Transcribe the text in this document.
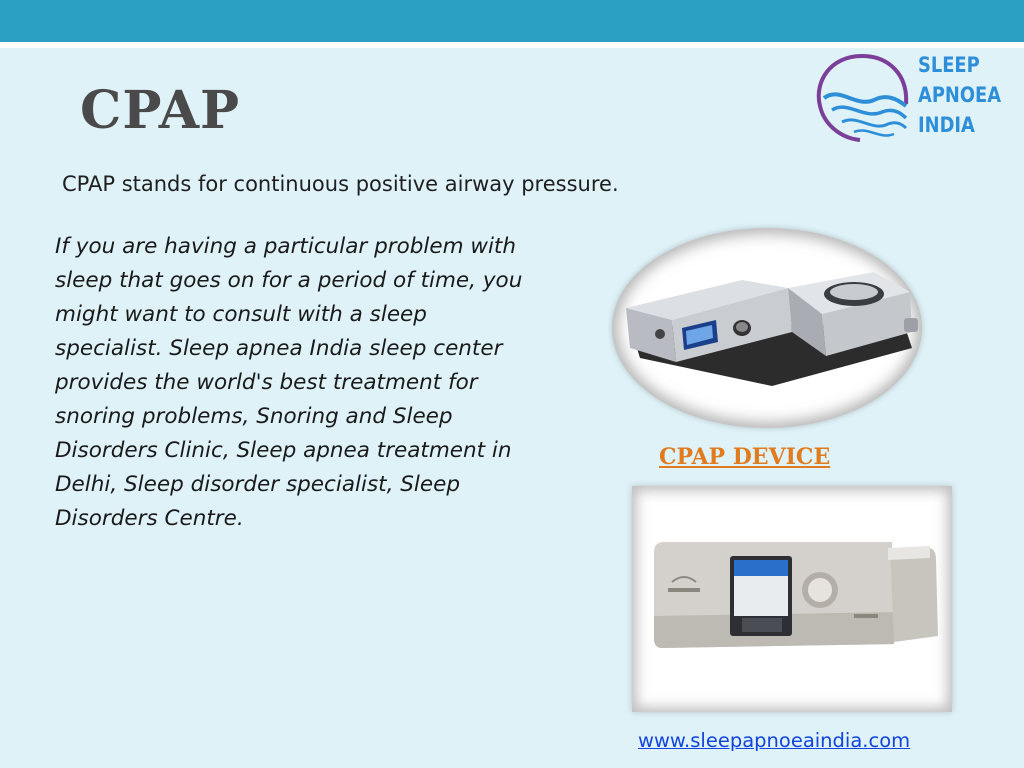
CPAP
CPAP stands for continuous positive airway pressure.
If you are having a particular problem with sleep that goes on for a period of time, you might want to consult with a sleep specialist. Sleep apnea India sleep center provides the world's best treatment for snoring problems, Snoring and Sleep Disorders Clinic, Sleep apnea treatment in Delhi, Sleep disorder specialist, Sleep Disorders Centre.
SLEEP
APNOEA
INDIA
CPAP DEVICE
www.sleepapnoeaindia.com
